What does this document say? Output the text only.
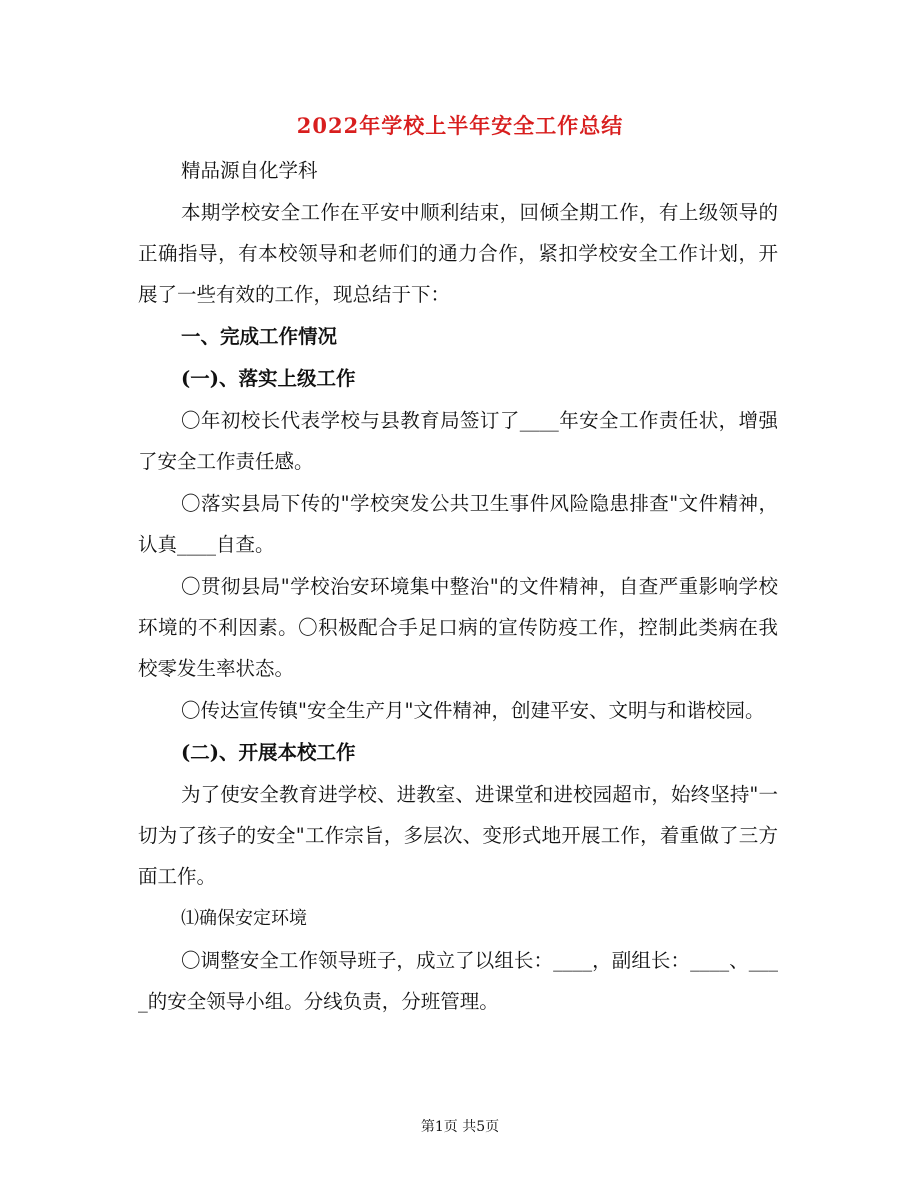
2022年学校上半年安全工作总结

精品源自化学科

本期学校安全工作在平安中顺利结束，回倾全期工作，有上级领导的正确指导，有本校领导和老师们的通力合作，紧扣学校安全工作计划，开展了一些有效的工作，现总结于下：

一、完成工作情况

(一)、落实上级工作

〇年初校长代表学校与县教育局签订了____年安全工作责任状，增强了安全工作责任感。

〇落实县局下传的"学校突发公共卫生事件风险隐患排查"文件精神，认真____自查。

〇贯彻县局"学校治安环境集中整治"的文件精神，自查严重影响学校环境的不利因素。〇积极配合手足口病的宣传防疫工作，控制此类病在我校零发生率状态。

〇传达宣传镇"安全生产月"文件精神，创建平安、文明与和谐校园。

(二)、开展本校工作

为了使安全教育进学校、进教室、进课堂和进校园超市，始终坚持"一切为了孩子的安全"工作宗旨，多层次、变形式地开展工作，着重做了三方面工作。

⑴确保安定环境

〇调整安全工作领导班子，成立了以组长：____，副组长：____、____的安全领导小组。分线负责，分班管理。

第1页 共5页
